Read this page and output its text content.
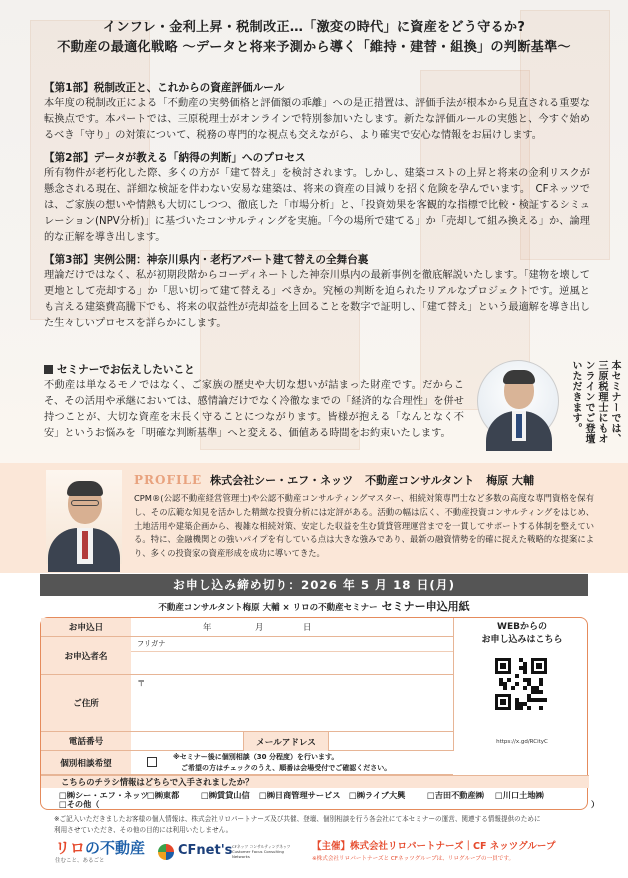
インフレ・金利上昇・税制改正…「激変の時代」に資産をどう守るか?
不動産の最適化戦略 ～データと将来予測から導く「維持・建替・組換」の判断基準～
【第1部】税制改正と、これからの資産評価ルール
本年度の税制改正による「不動産の実勢価格と評価額の乖離」への是正措置は、評価手法が根本から見直される重要な転換点です。本パートでは、三原税理士がオンラインで特別参加いたします。新たな評価ルールの実態と、今すぐ始めるべき「守り」の対策について、税務の専門的な視点も交えながら、より確実で安心な情報をお届けします。
【第2部】データが教える「納得の判断」へのプロセス
所有物件が老朽化した際、多くの方が「建て替え」を検討されます。しかし、建築コストの上昇と将来の金利リスクが懸念される現在、詳細な検証を伴わない安易な建築は、将来の資産の目減りを招く危険を孕んでいます。　CFネッツでは、ご家族の想いや情熱も大切にしつつ、徹底した「市場分析」と、「投資効果を客観的な指標で比較・検証するシミュレーション(NPV分析)」に基づいたコンサルティングを実施。「今の場所で建てる」か「売却して組み換える」か、論理的な正解を導き出します。
【第3部】実例公開：神奈川県内・老朽アパート建て替えの全舞台裏
理論だけではなく、私が初期段階からコーディネートした神奈川県内の最新事例を徹底解説いたします。「建物を壊して更地として売却する」か「思い切って建て替える」べきか。究極の判断を迫られたリアルなプロジェクトです。逆風とも言える建築費高騰下でも、将来の収益性が売却益を上回ることを数字で証明し、「建て替え」という最適解を導き出した生々しいプロセスを詳らかにします。
セミナーでお伝えしたいこと
不動産は単なるモノではなく、ご家族の歴史や大切な想いが詰まった財産です。だからこそ、その活用や承継においては、感情論だけでなく冷徹なまでの「経済的な合理性」を併せ持つことが、大切な資産を末長く守ることにつながります。皆様が抱える「なんとなく不安」というお悩みを「明確な判断基準」へと変える、価値ある時間をお約束いたします。	本セミナーでは、三原税理士にもオンラインでご登壇いただきます。
PROFILE 株式会社シー・エフ・ネッツ 不動産コンサルタント 梅原 大輔
CPM®(公認不動産経営管理士)や公認不動産コンサルティングマスター、相続対策専門士など多数の高度な専門資格を保有し、その広範な知見を活かした精緻な投資分析には定評がある。活動の幅は広く、不動産投資コンサルティングをはじめ、土地活用や建築企画から、複雑な相続対策、安定した収益を生む賃貸管理運営までを一貫してサポートする体制を整えている。特に、金融機関との強いパイプを有している点は大きな強みであり、最新の融資情勢を的確に捉えた戦略的な提案により、多くの投資家の資産形成を成功に導いてきた。
お申し込み締め切り：2026 年 5 月 18 日(月)
不動産コンサルタント梅原 大輔 × リロの不動産セミナー セミナー申込用紙
お申込日	年	月	日
お申込者名
フリガナ
ご住所
〒
電話番号	メールアドレス
個別相談希望
※セミナー後に個別相談（30 分程度）を行います。
ご希望の方はチェックのうえ、順番は会場受付でご確認ください。
WEBからの
お申し込みはこちら
https://x.gd/RCityC
こちらのチラシ情報はどちらで入手されましたか？
□㈱シー・エフ・ネッツ
□㈱東都	□㈱賃貸山信 □㈱日商管理サービス □㈱ライブ大興	□吉田不動産㈱ □川口土地㈱
□その他（	）
※ご記入いただきましたお客様の個人情報は、株式会社リロパートナーズ及び共催、登壇、個別相談を行う各会社にて本セミナーの運営、関連する情報提供のために
利用させていただき、その他の目的には利用いたしません。
リロの不動産
住むこと、あるごと
CFnet's CFネッツ コンサルティングネッツ Customer Focus Consulting Networks
【主催】株式会社リロパートナーズ｜CF ネッツグループ
※株式会社リロパートナーズと CFネッツグループは、リログループの一員です。
